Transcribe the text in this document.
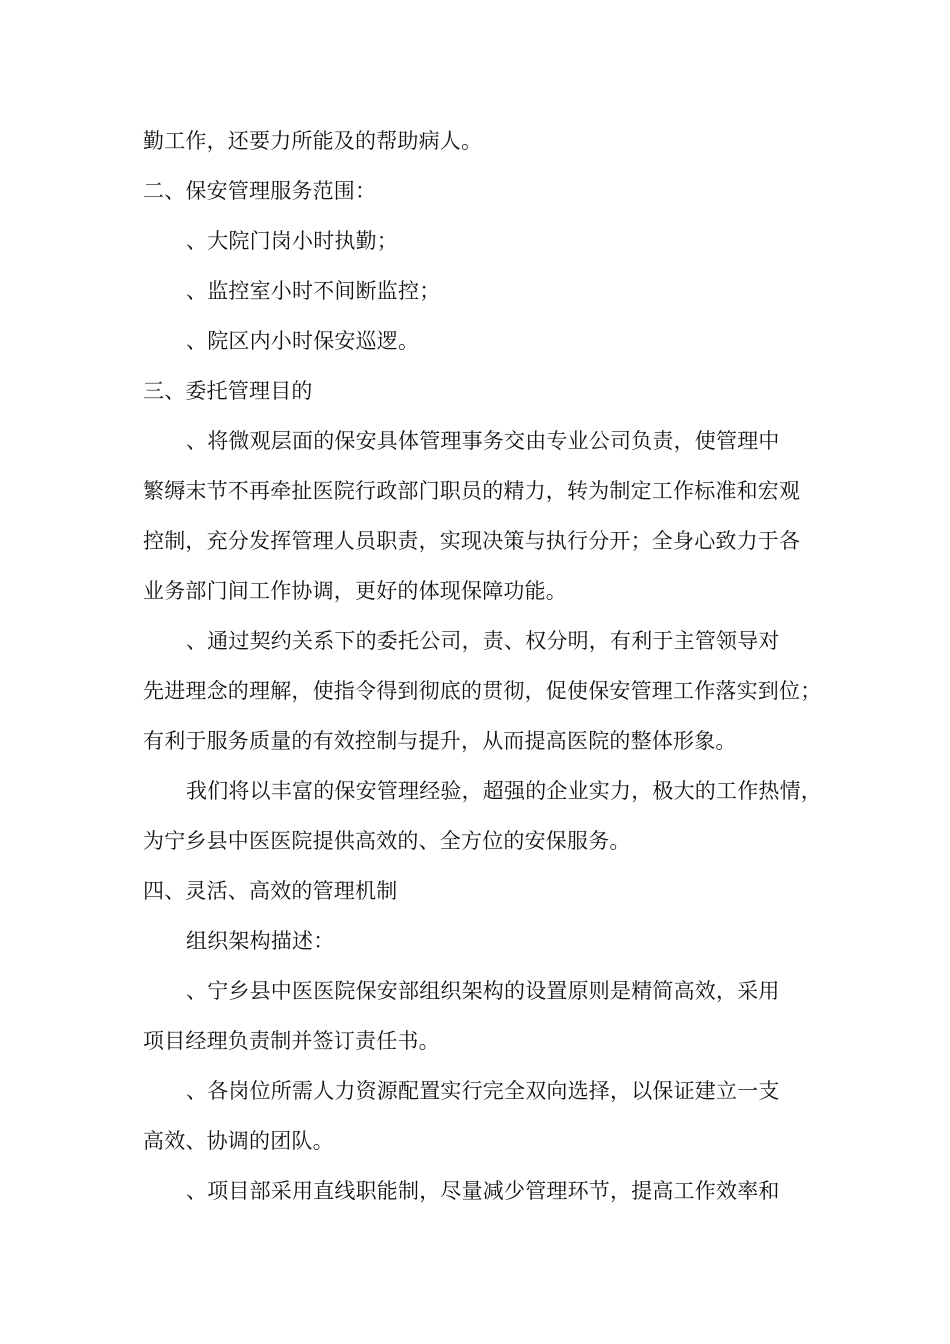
勤工作，还要力所能及的帮助病人。
二、保安管理服务范围：
、大院门岗小时执勤；
、监控室小时不间断监控；
、院区内小时保安巡逻。
三、委托管理目的
、将微观层面的保安具体管理事务交由专业公司负责，使管理中
繁缛末节不再牵扯医院行政部门职员的精力，转为制定工作标准和宏观
控制，充分发挥管理人员职责，实现决策与执行分开；全身心致力于各
业务部门间工作协调，更好的体现保障功能。
、通过契约关系下的委托公司，责、权分明，有利于主管领导对
先进理念的理解，使指令得到彻底的贯彻，促使保安管理工作落实到位；
有利于服务质量的有效控制与提升，从而提高医院的整体形象。
我们将以丰富的保安管理经验，超强的企业实力，极大的工作热情，
为宁乡县中医医院提供高效的、全方位的安保服务。
四、灵活、高效的管理机制
组织架构描述：
、宁乡县中医医院保安部组织架构的设置原则是精简高效，采用
项目经理负责制并签订责任书。
、各岗位所需人力资源配置实行完全双向选择，以保证建立一支
高效、协调的团队。
、项目部采用直线职能制，尽量减少管理环节，提高工作效率和
